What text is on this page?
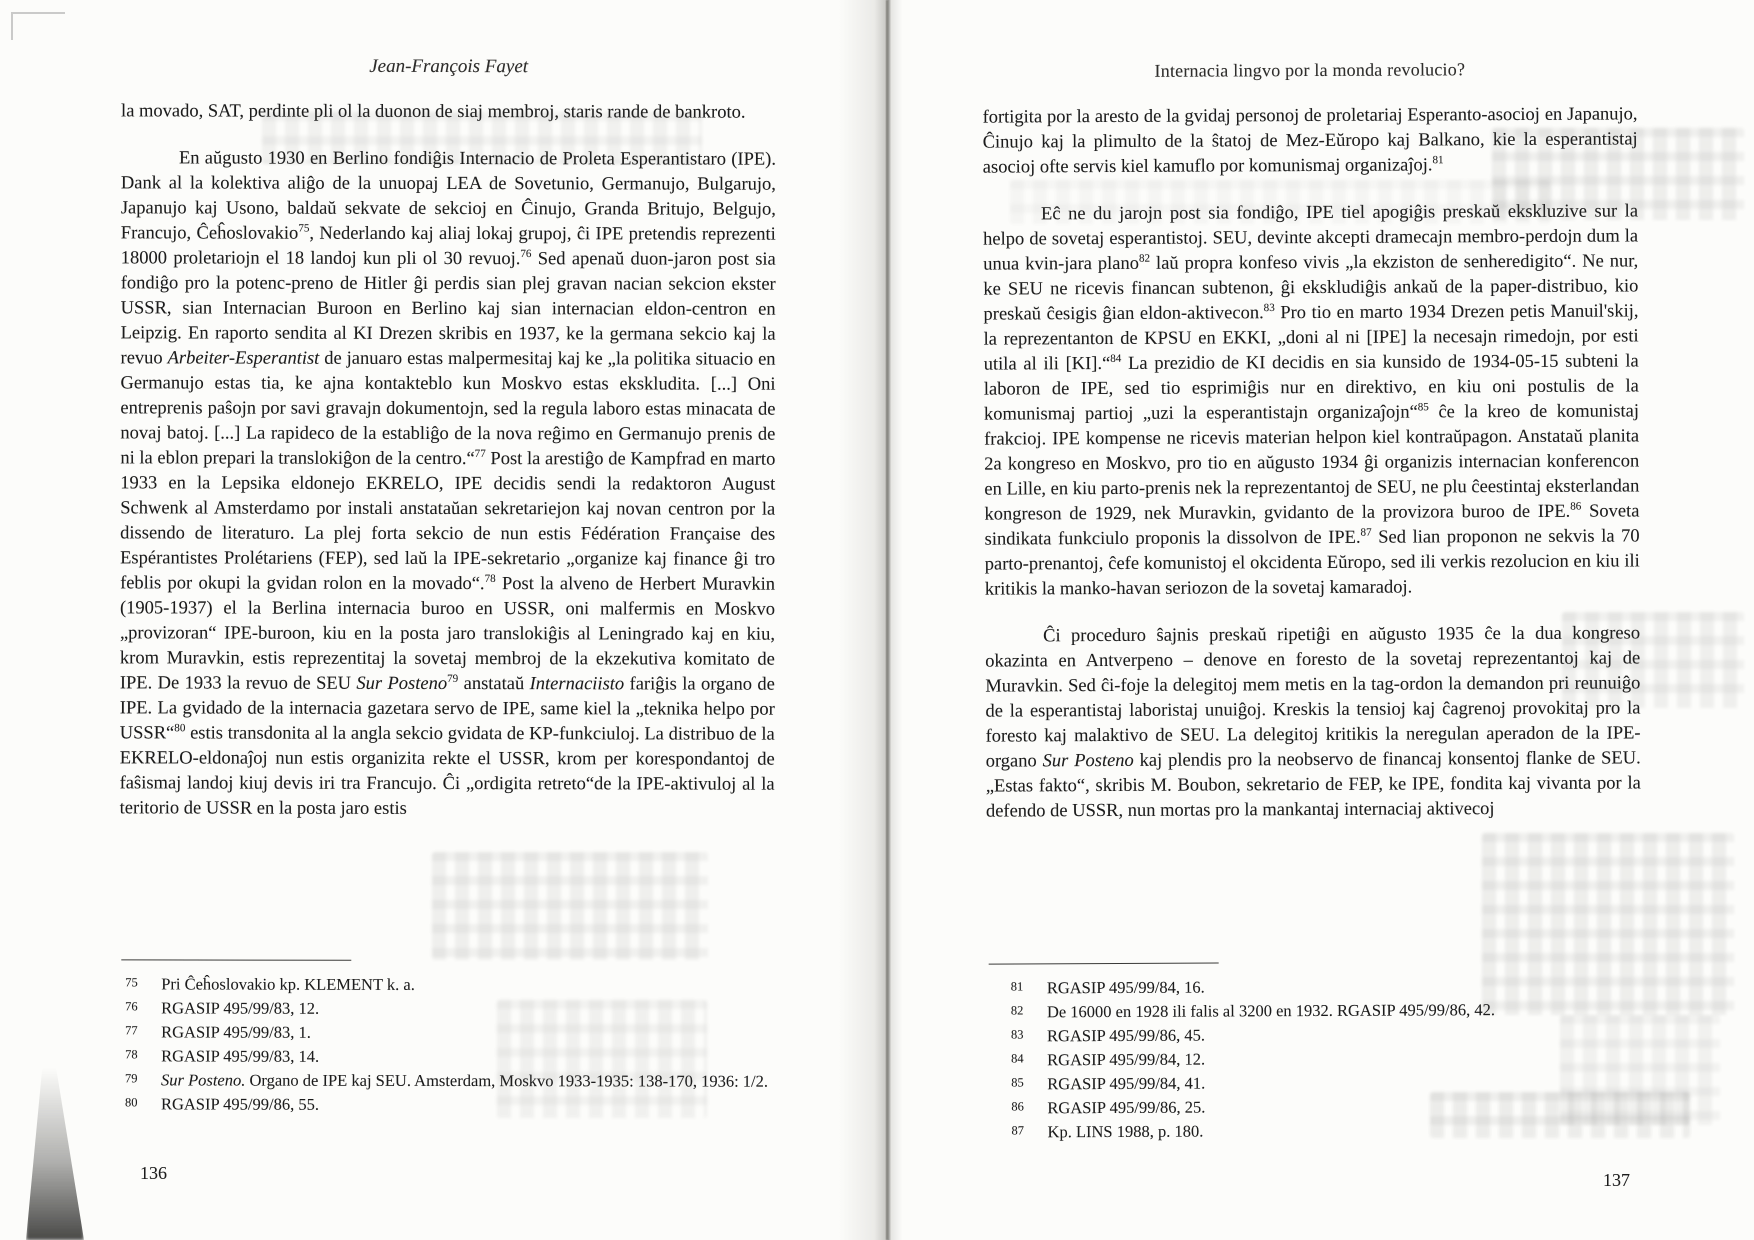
Jean-François Fayet

la movado, SAT, perdinte pli ol la duonon de siaj membroj, staris rande de bankroto.

En aŭgusto 1930 en Berlino fondiĝis Internacio de Proleta Esperantistaro (IPE). Dank al la kolektiva aliĝo de la unuopaj LEA de Sovetunio, Germanujo, Bulgarujo, Japanujo kaj Usono, baldaŭ sekvate de sekcioj en Ĉinujo, Granda Britujo, Belgujo, Francujo, Ĉeĥoslovakio$^{75}$, Nederlando kaj aliaj lokaj grupoj, ĉi IPE pretendis reprezenti 18000 proletariojn el 18 landoj kun pli ol 30 revuoj.$^{76}$ Sed apenaŭ duon-jaron post sia fondiĝo pro la potenc-preno de Hitler ĝi perdis sian plej gravan nacian sekcion ekster USSR, sian Internacian Buroon en Berlino kaj sian internacian eldon-centron en Leipzig. En raporto sendita al KI Drezen skribis en 1937, ke la germana sekcio kaj la revuo Arbeiter-Esperantist de januaro estas malpermesitaj kaj ke „la politika situacio en Germanujo estas tia, ke ajna kontakteblo kun Moskvo estas ekskludita. [...] Oni entreprenis paŝojn por savi gravajn dokumentojn, sed la regula laboro estas minacata de novaj batoj. [...] La rapideco de la establiĝo de la nova reĝimo en Germanujo prenis de ni la eblon prepari la translokiĝon de la centro.“$^{77}$ Post la arestiĝo de Kampfrad en marto 1933 en la Lepsika eldonejo EKRELO, IPE decidis sendi la redaktoron August Schwenk al Amsterdamo por instali anstataŭan sekretariejon kaj novan centron por la dissendo de literaturo. La plej forta sekcio de nun estis Fédération Française des Espérantistes Prolétariens (FEP), sed laŭ la IPE-sekretario „organize kaj finance ĝi tro feblis por okupi la gvidan rolon en la movado“.$^{78}$ Post la alveno de Herbert Muravkin (1905-1937) el la Berlina internacia buroo en USSR, oni malfermis en Moskvo „provizoran“ IPE-buroon, kiu en la posta jaro translokiĝis al Leningrado kaj en kiu, krom Muravkin, estis reprezentitaj la sovetaj membroj de la ekzekutiva komitato de IPE. De 1933 la revuo de SEU Sur Posteno$^{79}$ anstataŭ Internaciisto fariĝis la organo de IPE. La gvidado de la internacia gazetara servo de IPE, same kiel la „teknika helpo por USSR“$^{80}$ estis transdonita al la angla sekcio gvidata de KP-funkciuloj. La distribuo de la EKRELO-eldonaĵoj nun estis organizita rekte el USSR, krom per korespondantoj de faŝismaj landoj kiuj devis iri tra Francujo. Ĉi „ordigita retreto“de la IPE-aktivuloj al la teritorio de USSR en la posta jaro estis

75 Pri Ĉeĥoslovakio kp. KLEMENT k. a.
76 RGASIP 495/99/83, 12.
77 RGASIP 495/99/83, 1.
78 RGASIP 495/99/83, 14.
79 Sur Posteno. Organo de IPE kaj SEU. Amsterdam, Moskvo 1933-1935: 138-170, 1936: 1/2.
80 RGASIP 495/99/86, 55.
Internacia lingvo por la monda revolucio?

fortigita por la aresto de la gvidaj personoj de proletariaj Esperanto-asocioj en Japanujo, Ĉinujo kaj la plimulto de la ŝtatoj de Mez-Eŭropo kaj Balkano, kie la esperantistaj asocioj ofte servis kiel kamuflo por komunismaj organizaĵoj.$^{81}$

Eĉ ne du jarojn post sia fondiĝo, IPE tiel apogiĝis preskaŭ ekskluzive sur la helpo de sovetaj esperantistoj. SEU, devinte akcepti dramecajn membro-perdojn dum la unua kvin-jara plano$^{82}$ laŭ propra konfeso vivis „la ekziston de senheredigito“. Ne nur, ke SEU ne ricevis financan subtenon, ĝi ekskludiĝis ankaŭ de la paper-distribuo, kio preskaŭ ĉesigis ĝian eldon-aktivecon.$^{83}$ Pro tio en marto 1934 Drezen petis Manuil'skij, la reprezentanton de KPSU en EKKI, „doni al ni [IPE] la necesajn rimedojn, por esti utila al ili [KI].“$^{84}$ La prezidio de KI decidis en sia kunsido de 1934-05-15 subteni la laboron de IPE, sed tio esprimiĝis nur en direktivo, en kiu oni postulis de la komunismaj partioj „uzi la esperantistajn organizaĵojn“$^{85}$ ĉe la kreo de komunistaj frakcioj. IPE kompense ne ricevis materian helpon kiel kontraŭpagon. Anstataŭ planita 2a kongreso en Moskvo, pro tio en aŭgusto 1934 ĝi organizis internacian konferencon en Lille, en kiu parto-prenis nek la reprezentantoj de SEU, ne plu ĉeestintaj eksterlandan kongreson de 1929, nek Muravkin, gvidanto de la provizora buroo de IPE.$^{86}$ Soveta sindikata funkciulo proponis la dissolvon de IPE.$^{87}$ Sed lian proponon ne sekvis la 70 parto-prenantoj, ĉefe komunistoj el okcidenta Eŭropo, sed ili verkis rezolucion en kiu ili kritikis la manko-havan seriozon de la sovetaj kamaradoj.

Ĉi proceduro ŝajnis preskaŭ ripetiĝi en aŭgusto 1935 ĉe la dua kongreso okazinta en Antverpeno – denove en foresto de la sovetaj reprezentantoj kaj de Muravkin. Sed ĉi-foje la delegitoj mem metis en la tag-ordon la demandon pri reunuiĝo de la esperantistaj laboristaj unuiĝoj. Kreskis la tensioj kaj ĉagrenoj provokitaj pro la foresto kaj malaktivo de SEU. La delegitoj kritikis la neregulan aperadon de la IPE-organo Sur Posteno kaj plendis pro la neobservo de financaj konsentoj flanke de SEU. „Estas fakto“, skribis M. Boubon, sekretario de FEP, ke IPE, fondita kaj vivanta por la defendo de USSR, nun mortas pro la mankantaj internaciaj aktivecoj

81 RGASIP 495/99/84, 16.
82 De 16000 en 1928 ili falis al 3200 en 1932. RGASIP 495/99/86, 42.
83 RGASIP 495/99/86, 45.
84 RGASIP 495/99/84, 12.
85 RGASIP 495/99/84, 41.
86 RGASIP 495/99/86, 25.
87 Kp. LINS 1988, p. 180.
136	137
